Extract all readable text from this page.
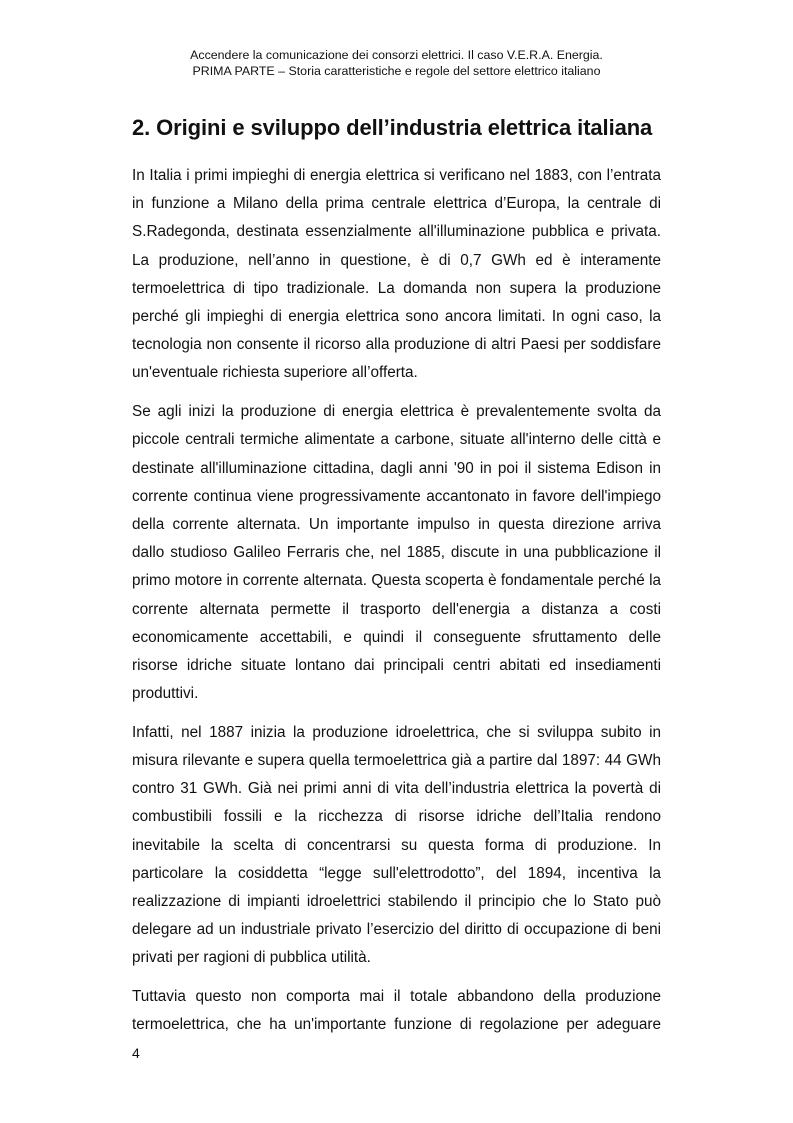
Accendere la comunicazione dei consorzi elettrici. Il caso V.E.R.A. Energia.
PRIMA PARTE – Storia caratteristiche e regole del settore elettrico italiano
2. Origini e sviluppo dell’industria elettrica italiana

In Italia i primi impieghi di energia elettrica si verificano nel 1883, con l’entrata in funzione a Milano della prima centrale elettrica d’Europa, la centrale di S.Radegonda, destinata essenzialmente all'illuminazione pubblica e privata. La produzione, nell’anno in questione, è di 0,7 GWh ed è interamente termoelettrica di tipo tradizionale. La domanda non supera la produzione perché gli impieghi di energia elettrica sono ancora limitati. In ogni caso, la tecnologia non consente il ricorso alla produzione di altri Paesi per soddisfare un'eventuale richiesta superiore all’offerta.

Se agli inizi la produzione di energia elettrica è prevalentemente svolta da piccole centrali termiche alimentate a carbone, situate all'interno delle città e destinate all'illuminazione cittadina, dagli anni '90 in poi il sistema Edison in corrente continua viene progressivamente accantonato in favore dell'impiego della corrente alternata. Un importante impulso in questa direzione arriva dallo studioso Galileo Ferraris che, nel 1885, discute in una pubblicazione il primo motore in corrente alternata. Questa scoperta è fondamentale perché la corrente alternata permette il trasporto dell'energia a distanza a costi economicamente accettabili, e quindi il conseguente sfruttamento delle risorse idriche situate lontano dai principali centri abitati ed insediamenti produttivi.

Infatti, nel 1887 inizia la produzione idroelettrica, che si sviluppa subito in misura rilevante e supera quella termoelettrica già a partire dal 1897: 44 GWh contro 31 GWh. Già nei primi anni di vita dell’industria elettrica la povertà di combustibili fossili e la ricchezza di risorse idriche dell’Italia rendono inevitabile la scelta di concentrarsi su questa forma di produzione. In particolare la cosiddetta “legge sull'elettrodotto”, del 1894, incentiva la realizzazione di impianti idroelettrici stabilendo il principio che lo Stato può delegare ad un industriale privato l’esercizio del diritto di occupazione di beni privati per ragioni di pubblica utilità.

Tuttavia questo non comporta mai il totale abbandono della produzione termoelettrica, che ha un'importante funzione di regolazione per adeguare

4
